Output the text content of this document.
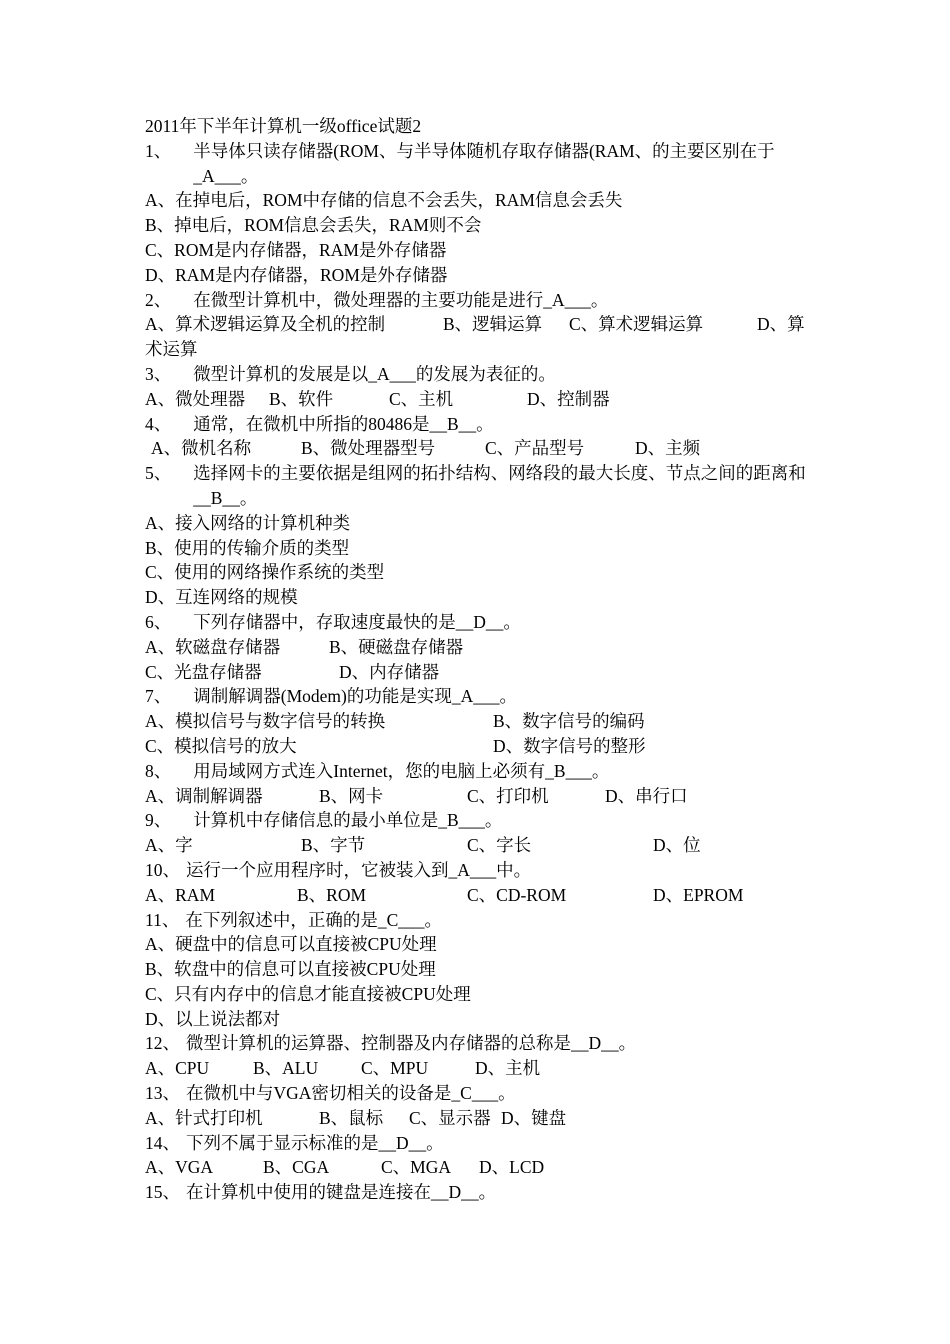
2011年下半年计算机一级office试题2
1、	半导体只读存储器(ROM、与半导体随机存取存储器(RAM、的主要区别在于_A___。
A、在掉电后，ROM中存储的信息不会丢失，RAM信息会丢失
B、掉电后，ROM信息会丢失，RAM则不会
C、ROM是内存储器，RAM是外存储器
D、RAM是内存储器，ROM是外存储器
2、	在微型计算机中，微处理器的主要功能是进行_A___。
A、算术逻辑运算及全机的控制	B、逻辑运算 C、算术逻辑运算	D、算
术运算
3、	微型计算机的发展是以_A___的发展为表征的。
A、微处理器 B、软件	C、主机	D、控制器
4、	通常，在微机中所指的80486是__B__。
A、微机名称	B、微处理器型号	C、产品型号	D、主频
5、	选择网卡的主要依据是组网的拓扑结构、网络段的最大长度、节点之间的距离和__B__。
A、接入网络的计算机种类
B、使用的传输介质的类型
C、使用的网络操作系统的类型
D、互连网络的规模
6、	下列存储器中，存取速度最快的是__D__。
A、软磁盘存储器	B、硬磁盘存储器
C、光盘存储器	D、内存储器
7、	调制解调器(Modem)的功能是实现_A___。
A、模拟信号与数字信号的转换	B、数字信号的编码
C、模拟信号的放大	D、数字信号的整形
8、	用局域网方式连入Internet，您的电脑上必须有_B___。
A、调制解调器	B、网卡	C、打印机	D、串行口
9、	计算机中存储信息的最小单位是_B___。
A、字	B、字节	C、字长	D、位
10、 运行一个应用程序时，它被装入到_A___中。
A、RAM	B、ROM	C、CD-ROM	D、EPROM
11、 在下列叙述中，正确的是_C___。
A、硬盘中的信息可以直接被CPU处理
B、软盘中的信息可以直接被CPU处理
C、只有内存中的信息才能直接被CPU处理
D、以上说法都对
12、 微型计算机的运算器、控制器及内存储器的总称是__D__。
A、CPU	B、ALU C、MPU	D、主机
13、 在微机中与VGA密切相关的设备是_C___。
A、针式打印机	B、鼠标 C、显示器 D、键盘
14、 下列不属于显示标准的是__D__。
A、VGA	B、CGA	C、MGA D、LCD
15、 在计算机中使用的键盘是连接在__D__。
